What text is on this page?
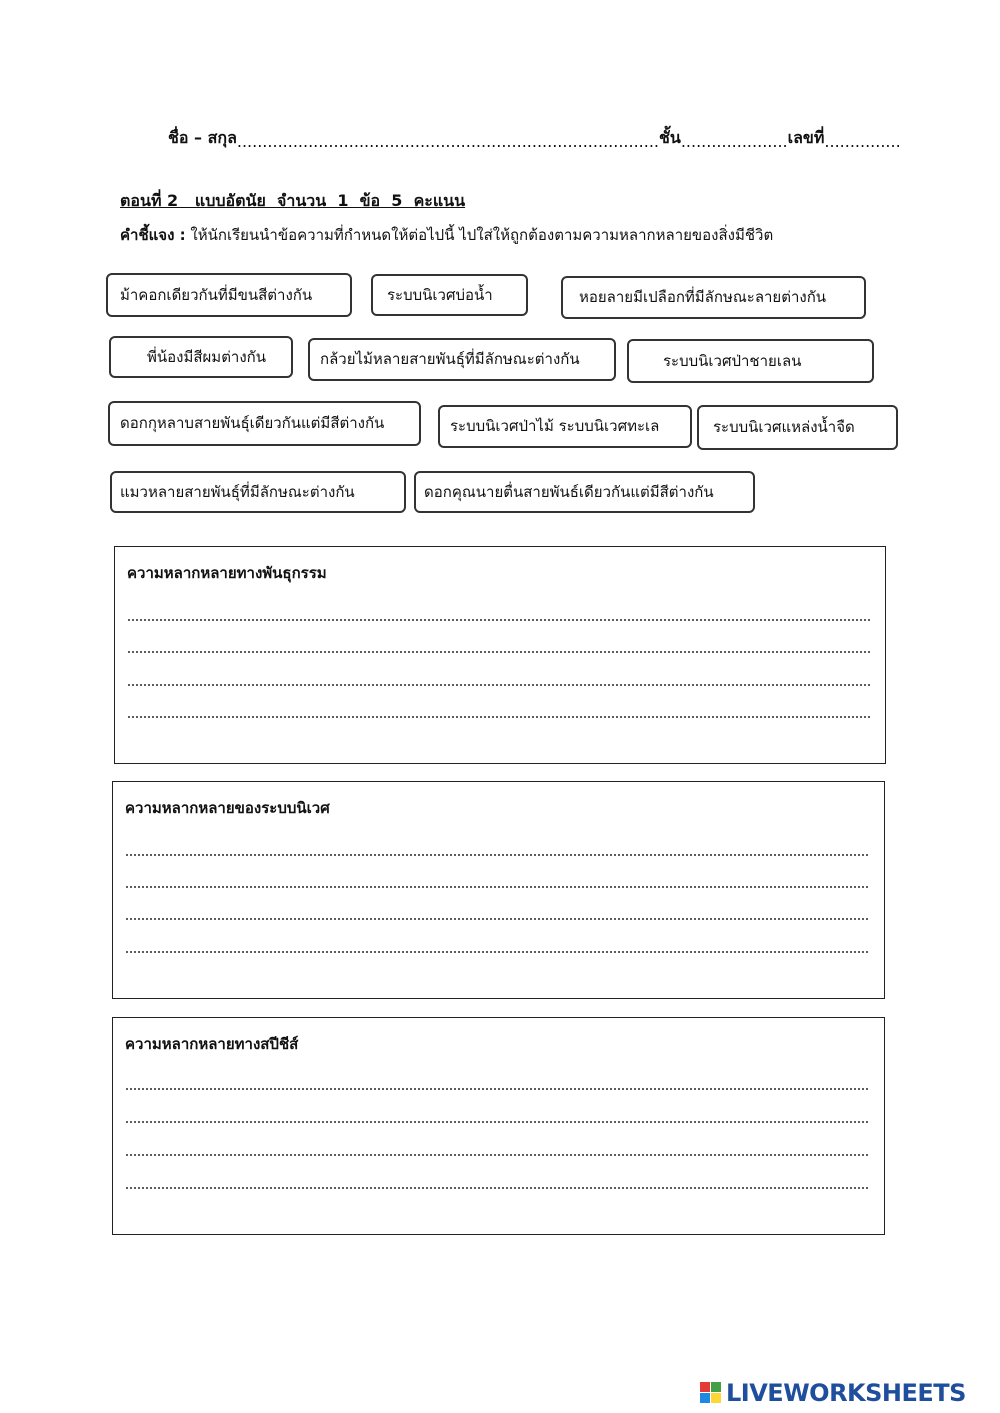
ชื่อ – สกุล...................................................................................ชั้น.....................เลขที่...............
ตอนที่ 2   แบบอัตนัย  จำนวน  1  ข้อ  5  คะแนน
คำชี้แจง : ให้นักเรียนนำข้อความที่กำหนดให้ต่อไปนี้ ไปใส่ให้ถูกต้องตามความหลากหลายของสิ่งมีชีวิต
ม้าคอกเดียวกันที่มีขนสีต่างกัน	ระบบนิเวศบ่อน้ำ	หอยลายมีเปลือกที่มีลักษณะลายต่างกัน
พี่น้องมีสีผมต่างกัน	กล้วยไม้หลายสายพันธุ์ที่มีลักษณะต่างกัน	ระบบนิเวศป่าชายเลน
ดอกกุหลาบสายพันธุ์เดียวกันแต่มีสีต่างกัน	ระบบนิเวศป่าไม้ ระบบนิเวศทะเล	ระบบนิเวศแหล่งน้ำจืด
แมวหลายสายพันธุ์ที่มีลักษณะต่างกัน	ดอกคุณนายตื่นสายพันธ์เดียวกันแต่มีสีต่างกัน
ความหลากหลายทางพันธุกรรม
ความหลากหลายของระบบนิเวศ
ความหลากหลายทางสปีชีส์
LIVEWORKSHEETS
